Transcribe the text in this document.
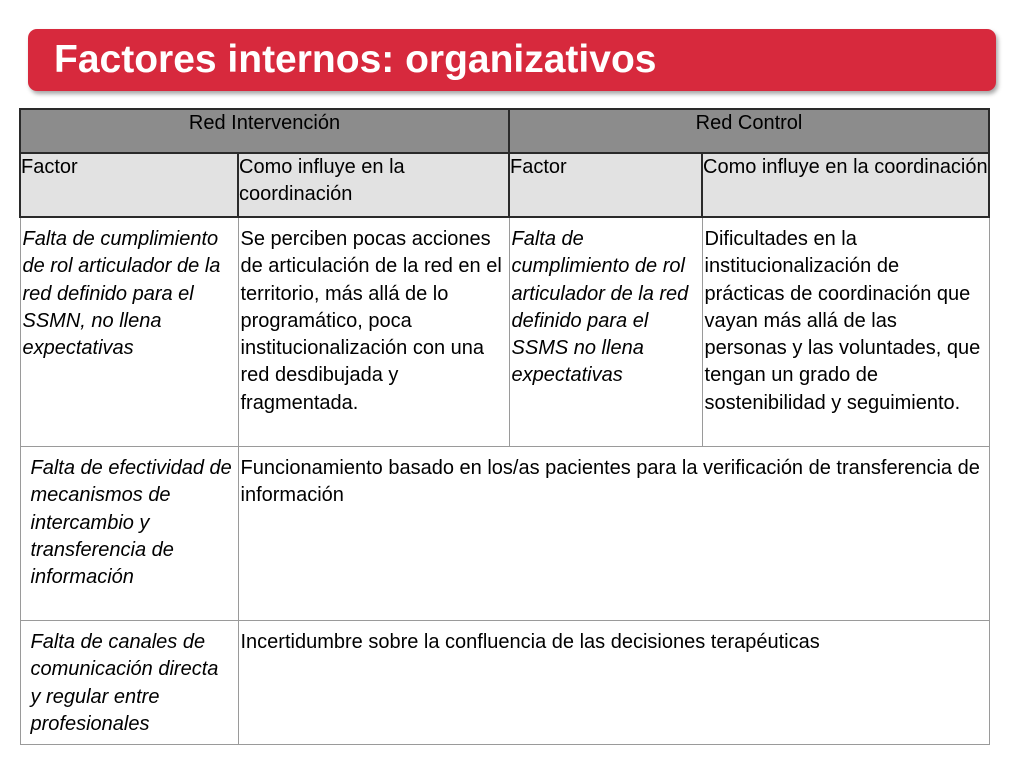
Factores internos: organizativos
Red Intervención		Red Control	
Factor	Como influye en la coordinación	Factor	Como influye en la coordinación
Falta de cumplimiento de rol articulador de la red definido para el SSMN, no llena expectativas	Se perciben pocas acciones de articulación de la red en el territorio, más allá de lo programático, poca institucionalización con una red desdibujada y fragmentada.	Falta de cumplimiento de rol articulador de la red definido para el SSMS no llena expectativas	Dificultades en la institucionalización de prácticas de coordinación que vayan más allá de las personas y las voluntades, que tengan un grado de sostenibilidad y seguimiento.
Falta de efectividad de mecanismos de intercambio y transferencia de información	Funcionamiento basado en los/as pacientes para la verificación de transferencia de información		
Falta de canales de comunicación directa y regular entre profesionales	Incertidumbre sobre la confluencia de las decisiones terapéuticas		
